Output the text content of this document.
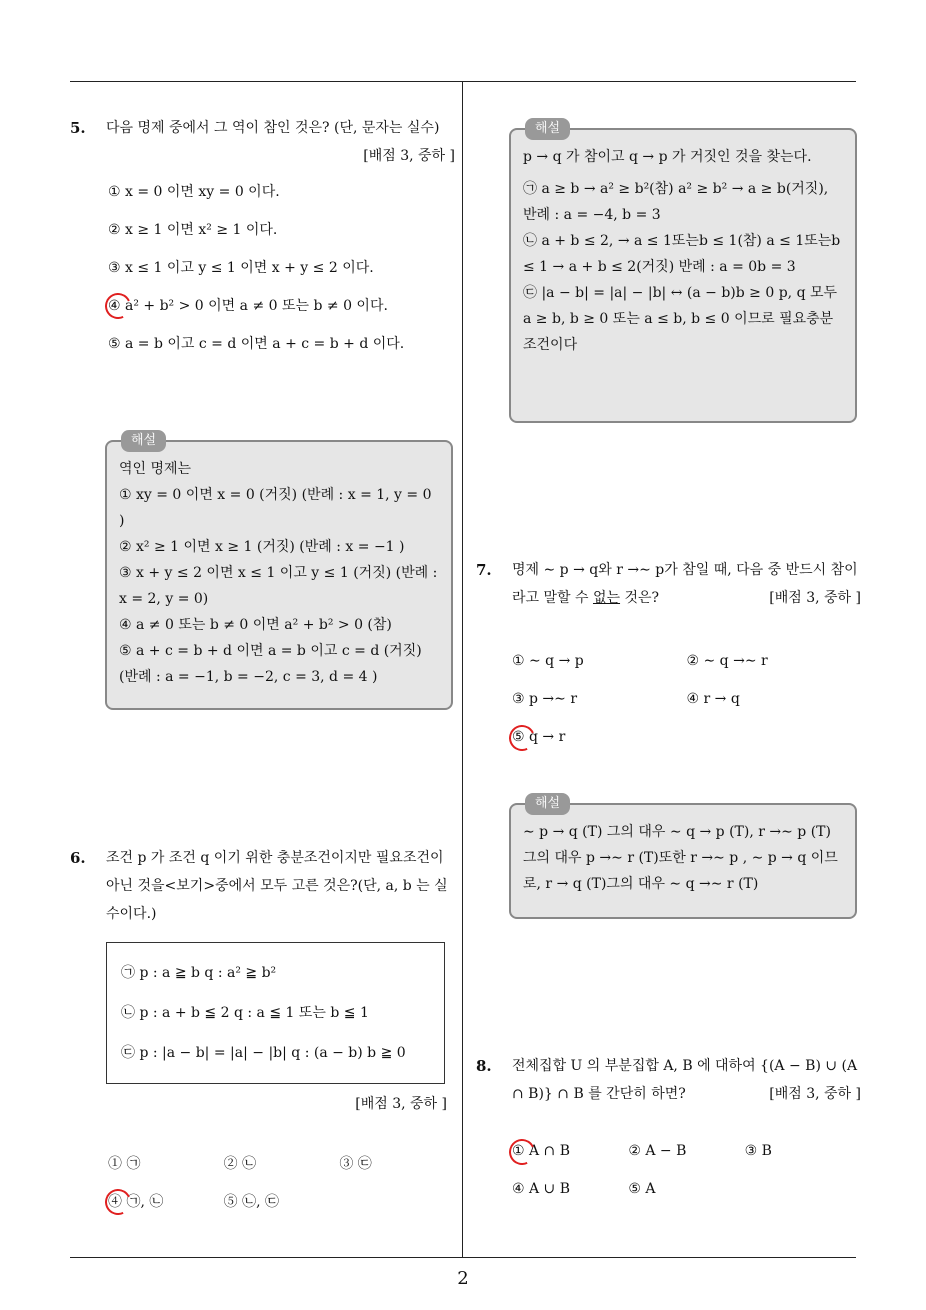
5.	다음 명제 중에서 그 역이 참인 것은? (단, 문자는 실수)
[배점 3, 중하 ]
① x = 0 이면 xy = 0 이다.
② x ≥ 1 이면 x² ≥ 1 이다.
③ x ≤ 1 이고 y ≤ 1 이면 x + y ≤ 2 이다.
④ a² + b² > 0 이면 a ≠ 0 또는 b ≠ 0 이다.
⑤ a = b 이고 c = d 이면 a + c = b + d 이다.
해설
역인 명제는
① xy = 0 이면 x = 0 (거짓) (반례 : x = 1, y = 0 )
② x² ≥ 1 이면 x ≥ 1 (거짓) (반례 : x = −1 )
③ x + y ≤ 2 이면 x ≤ 1 이고 y ≤ 1 (거짓) (반례 : x = 2, y = 0)
④ a ≠ 0 또는 b ≠ 0 이면 a² + b² > 0 (참)
⑤ a + c = b + d 이면 a = b 이고 c = d (거짓) (반례 : a = −1, b = −2, c = 3, d = 4 )
6.	조건 p 가 조건 q 이기 위한 충분조건이지만 필요조건이 아닌 것을<보기>중에서 모두 고른 것은?(단, a, b 는 실수이다.)
㉠ p : a ≧ b q : a² ≧ b²
㉡ p : a + b ≦ 2 q : a ≦ 1 또는 b ≦ 1
㉢ p : |a − b| = |a| − |b| q : (a − b) b ≧ 0
[배점 3, 중하 ]
① ㉠	② ㉡	③ ㉢
④ ㉠, ㉡	⑤ ㉡, ㉢
해설
p → q 가 참이고 q → p 가 거짓인 것을 찾는다.
㉠ a ≥ b → a² ≥ b²(참) a² ≥ b² → a ≥ b(거짓), 반례 : a = −4, b = 3
㉡ a + b ≤ 2, → a ≤ 1또는b ≤ 1(참) a ≤ 1또는b ≤ 1 → a + b ≤ 2(거짓) 반례 : a = 0b = 3
㉢ |a − b| = |a| − |b| ↔ (a − b)b ≥ 0 p, q 모두 a ≥ b, b ≥ 0 또는 a ≤ b, b ≤ 0 이므로 필요충분조건이다
7.	명제 ∼ p → q와 r →∼ p가 참일 때, 다음 중 반드시 참이라고 말할 수 없는 것은?	[배점 3, 중하 ]
① ∼ q → p	② ∼ q →∼ r
③ p →∼ r	④ r → q
⑤ q → r
해설
∼ p → q (T) 그의 대우 ∼ q → p (T), r →∼ p (T) 그의 대우 p →∼ r (T)또한 r →∼ p , ∼ p → q 이므로, r → q (T)그의 대우 ∼ q →∼ r (T)
8.	전체집합 U 의 부분집합 A, B 에 대하여 {(A − B) ∪ (A ∩ B)} ∩ B 를 간단히 하면?	[배점 3, 중하 ]
① A ∩ B	② A − B	③ B
④ A ∪ B	⑤ A
2
